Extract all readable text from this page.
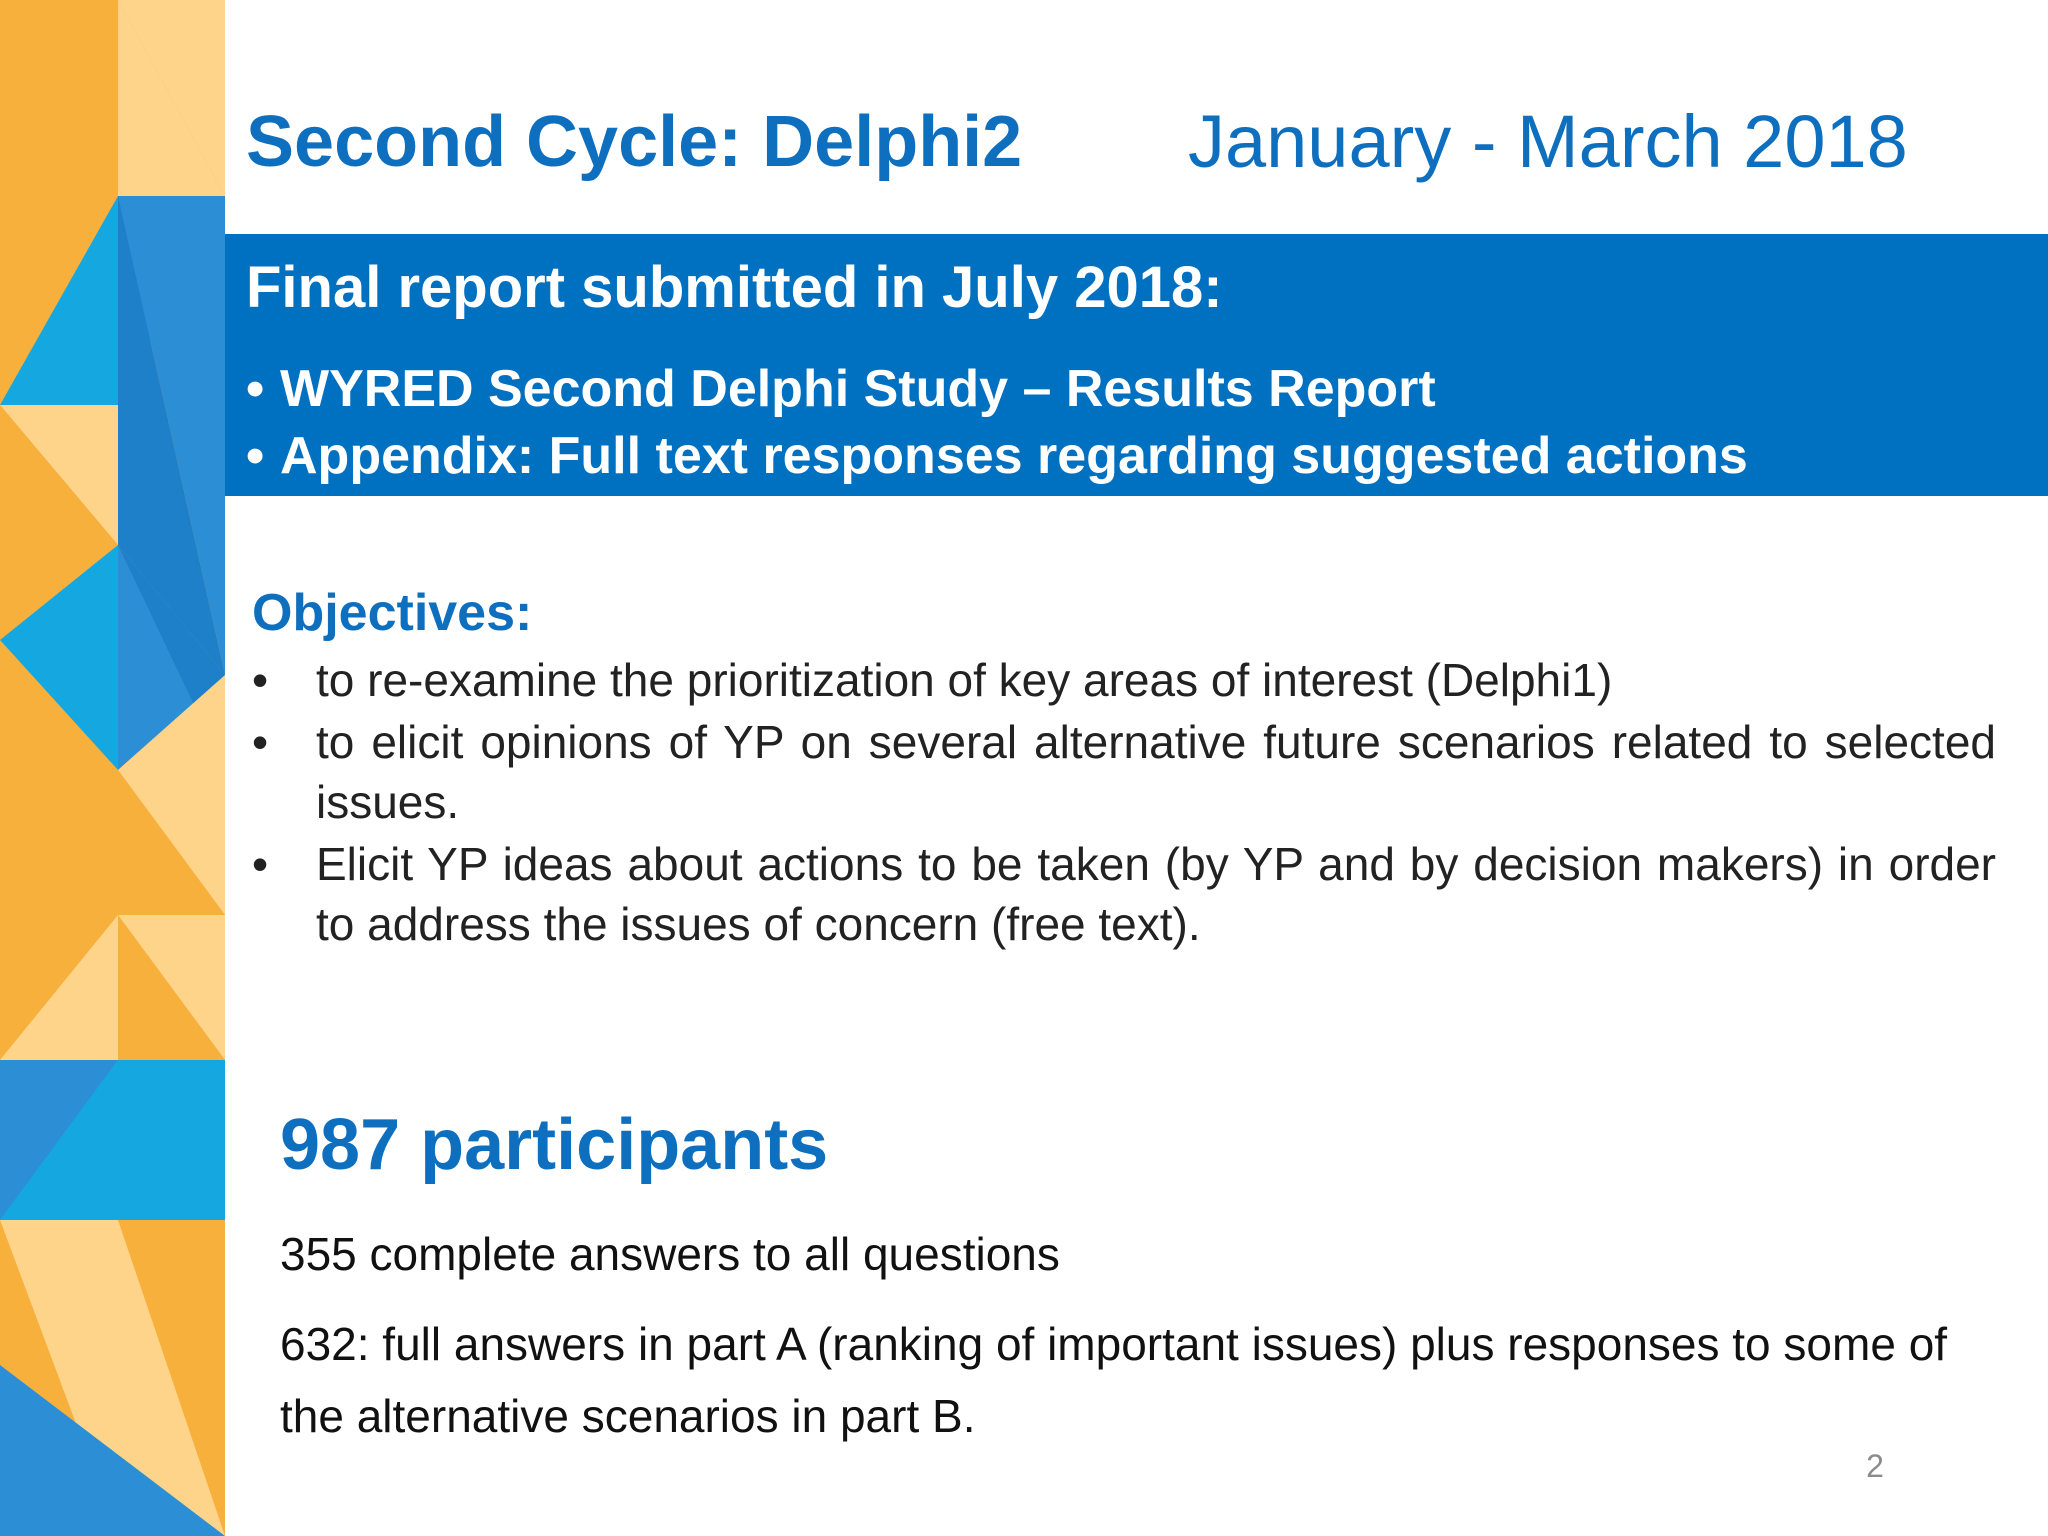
Second Cycle: Delphi2 January - March 2018
Final report submitted in July 2018:
• WYRED Second Delphi Study – Results Report
• Appendix: Full text responses regarding suggested actions
Objectives:
•	to re-examine the prioritization of key areas of interest (Delphi1)
•	to elicit opinions of YP on several alternative future scenarios related to selected issues.
•	Elicit YP ideas about actions to be taken (by YP and by decision makers) in order to address the issues of concern (free text).
987 participants
355 complete answers to all questions
632: full answers in part A (ranking of important issues) plus responses to some of the alternative scenarios in part B.
2
